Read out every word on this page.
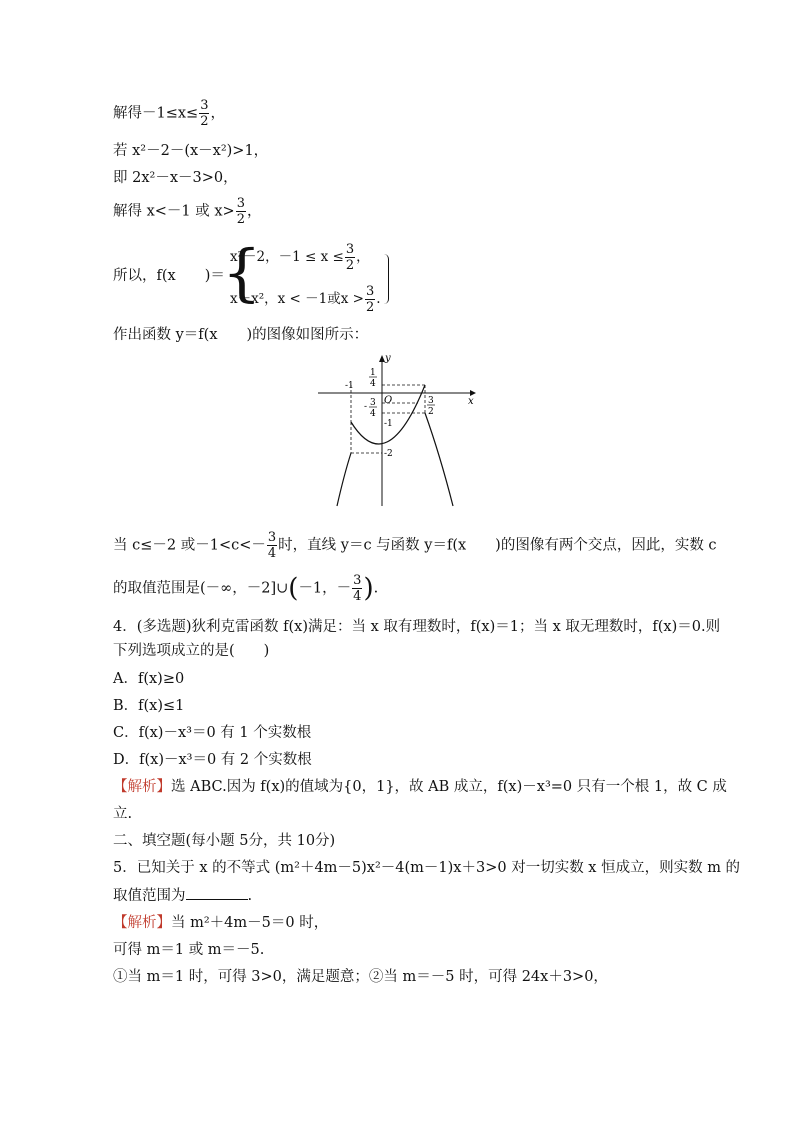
解得$-1\le x\le \frac{3}{2}$ ，
若 x²－2－(x－x²)>1，
即 2x²－x－3>0，
解得 x<－1 或 $x> \frac{3}{2}$ ，
所以，f(x　　)＝
{
x²－2，$-1 \le x \le \frac{3}{2}$ ，
x－x²，x < －1或$x > \frac{3}{2}$ .
作出函数 y＝f(x　　)的图像如图所示：
x
y
O
-1
1
4
- 3
4
-1
-2
3
2
当 c≤－2 或$-1<c<- \frac{3}{4}$ 时，直线 y＝c 与函数 y＝f(x　　)的图像有两个交点，因此，实数 c
的取值范围是(－∞，－2]∪(－1，－ $\frac{3}{4}$ ).
4．(多选题)狄利克雷函数 f(x)满足：当 x 取有理数时，f(x)＝1；当 x 取无理数时，f(x)＝0.则
下列选项成立的是(　　)
A．f(x)≥0
B．f(x)≤1
C．f(x)－x³＝0 有 1 个实数根
D．f(x)－x³＝0 有 2 个实数根
【解析】选 ABC.因为 f(x)的值域为{0，1}，故 AB 成立，f(x)－x³=0 只有一个根 1，故 C 成
立.
二、填空题(每小题 5分，共 10分)
5．已知关于 x 的不等式 (m²＋4m－5)x²－4(m－1)x＋3>0 对一切实数 x 恒成立，则实数 m 的
取值范围为	.
【解析】当 m²＋4m－5＝0 时，
可得 m＝1 或 m＝－5.
①当 m＝1 时，可得 3>0，满足题意；②当 m＝－5 时，可得 24x＋3>0，
